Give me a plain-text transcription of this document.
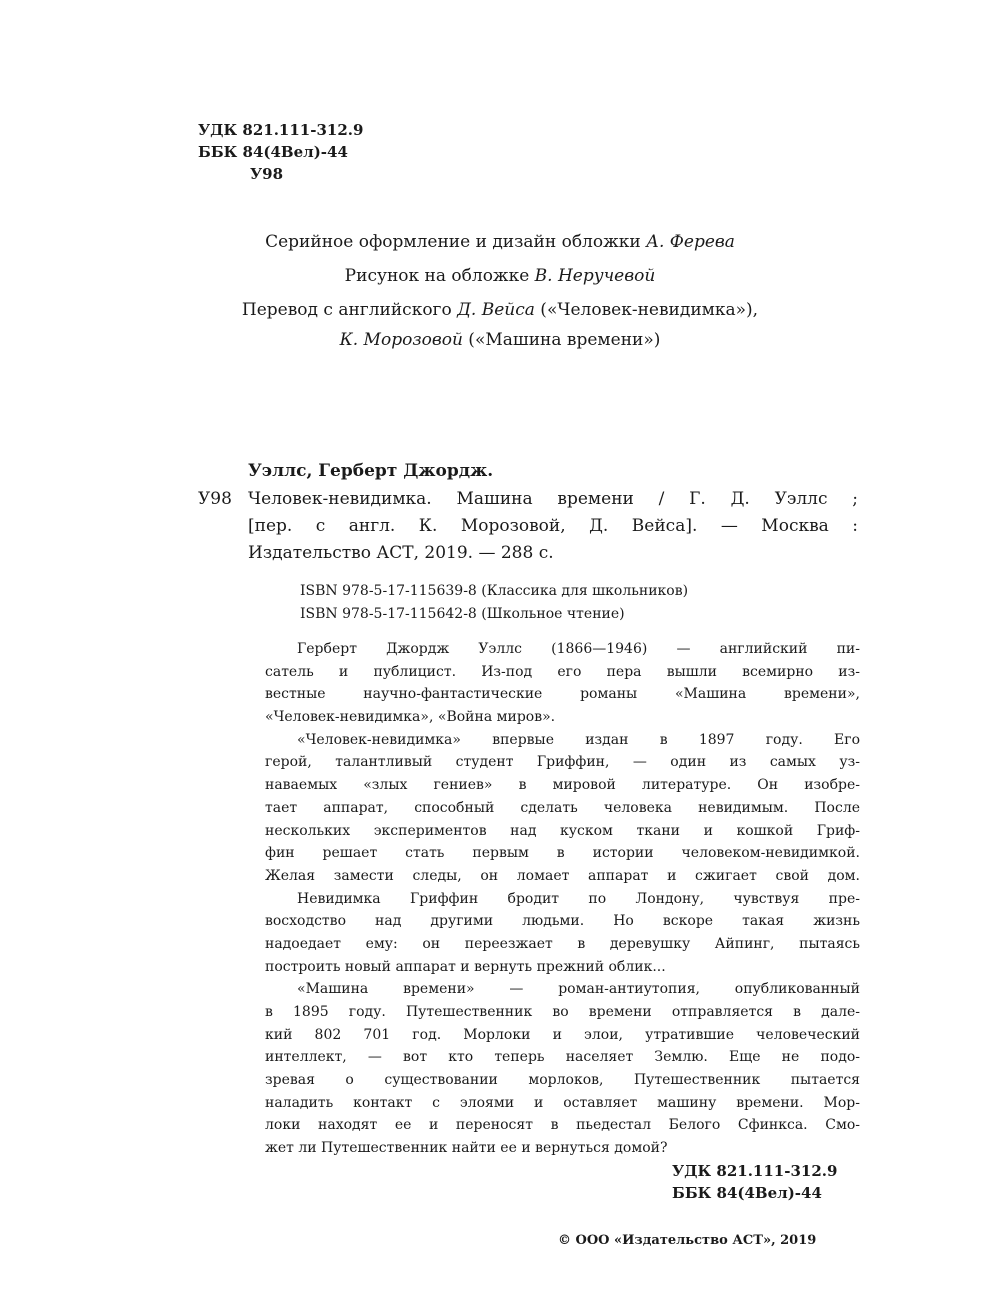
УДК 821.111-312.9
ББК 84(4Вел)-44
У98
Серийное оформление и дизайн обложки А. Ферева
Рисунок на обложке В. Неручевой
Перевод с английского Д. Вейса («Человек-невидимка»),
К. Морозовой («Машина времени»)
Уэллс, Герберт Джордж.
У98 Человек-невидимка. Машина времени / Г. Д. Уэллс ;
[пер. с англ. К. Морозовой, Д. Вейса]. — Москва :
Издательство АСТ, 2019. — 288 с.
ISBN 978-5-17-115639-8 (Классика для школьников)
ISBN 978-5-17-115642-8 (Школьное чтение)
Герберт Джордж Уэллс (1866—1946) — английский пи-
сатель и публицист. Из-под его пера вышли всемирно из-
вестные научно-фантастические романы «Машина времени»,
«Человек-невидимка», «Война миров».
«Человек-невидимка» впервые издан в 1897 году. Его
герой, талантливый студент Гриффин, — один из самых уз-
наваемых «злых гениев» в мировой литературе. Он изобре-
тает аппарат, способный сделать человека невидимым. После
нескольких экспериментов над куском ткани и кошкой Гриф-
фин решает стать первым в истории человеком-невидимкой.
Желая замести следы, он ломает аппарат и сжигает свой дом.
Невидимка Гриффин бродит по Лондону, чувствуя пре-
восходство над другими людьми. Но вскоре такая жизнь
надоедает ему: он переезжает в деревушку Айпинг, пытаясь
построить новый аппарат и вернуть прежний облик...
«Машина времени» — роман-антиутопия, опубликованный
в 1895 году. Путешественник во времени отправляется в дале-
кий 802 701 год. Морлоки и элои, утратившие человеческий
интеллект, — вот кто теперь населяет Землю. Еще не подо-
зревая о существовании морлоков, Путешественник пытается
наладить контакт с элоями и оставляет машину времени. Мор-
локи находят ее и переносят в пьедестал Белого Сфинкса. Смо-
жет ли Путешественник найти ее и вернуться домой?
УДК 821.111-312.9
ББК 84(4Вел)-44
© ООО «Издательство АСТ», 2019
